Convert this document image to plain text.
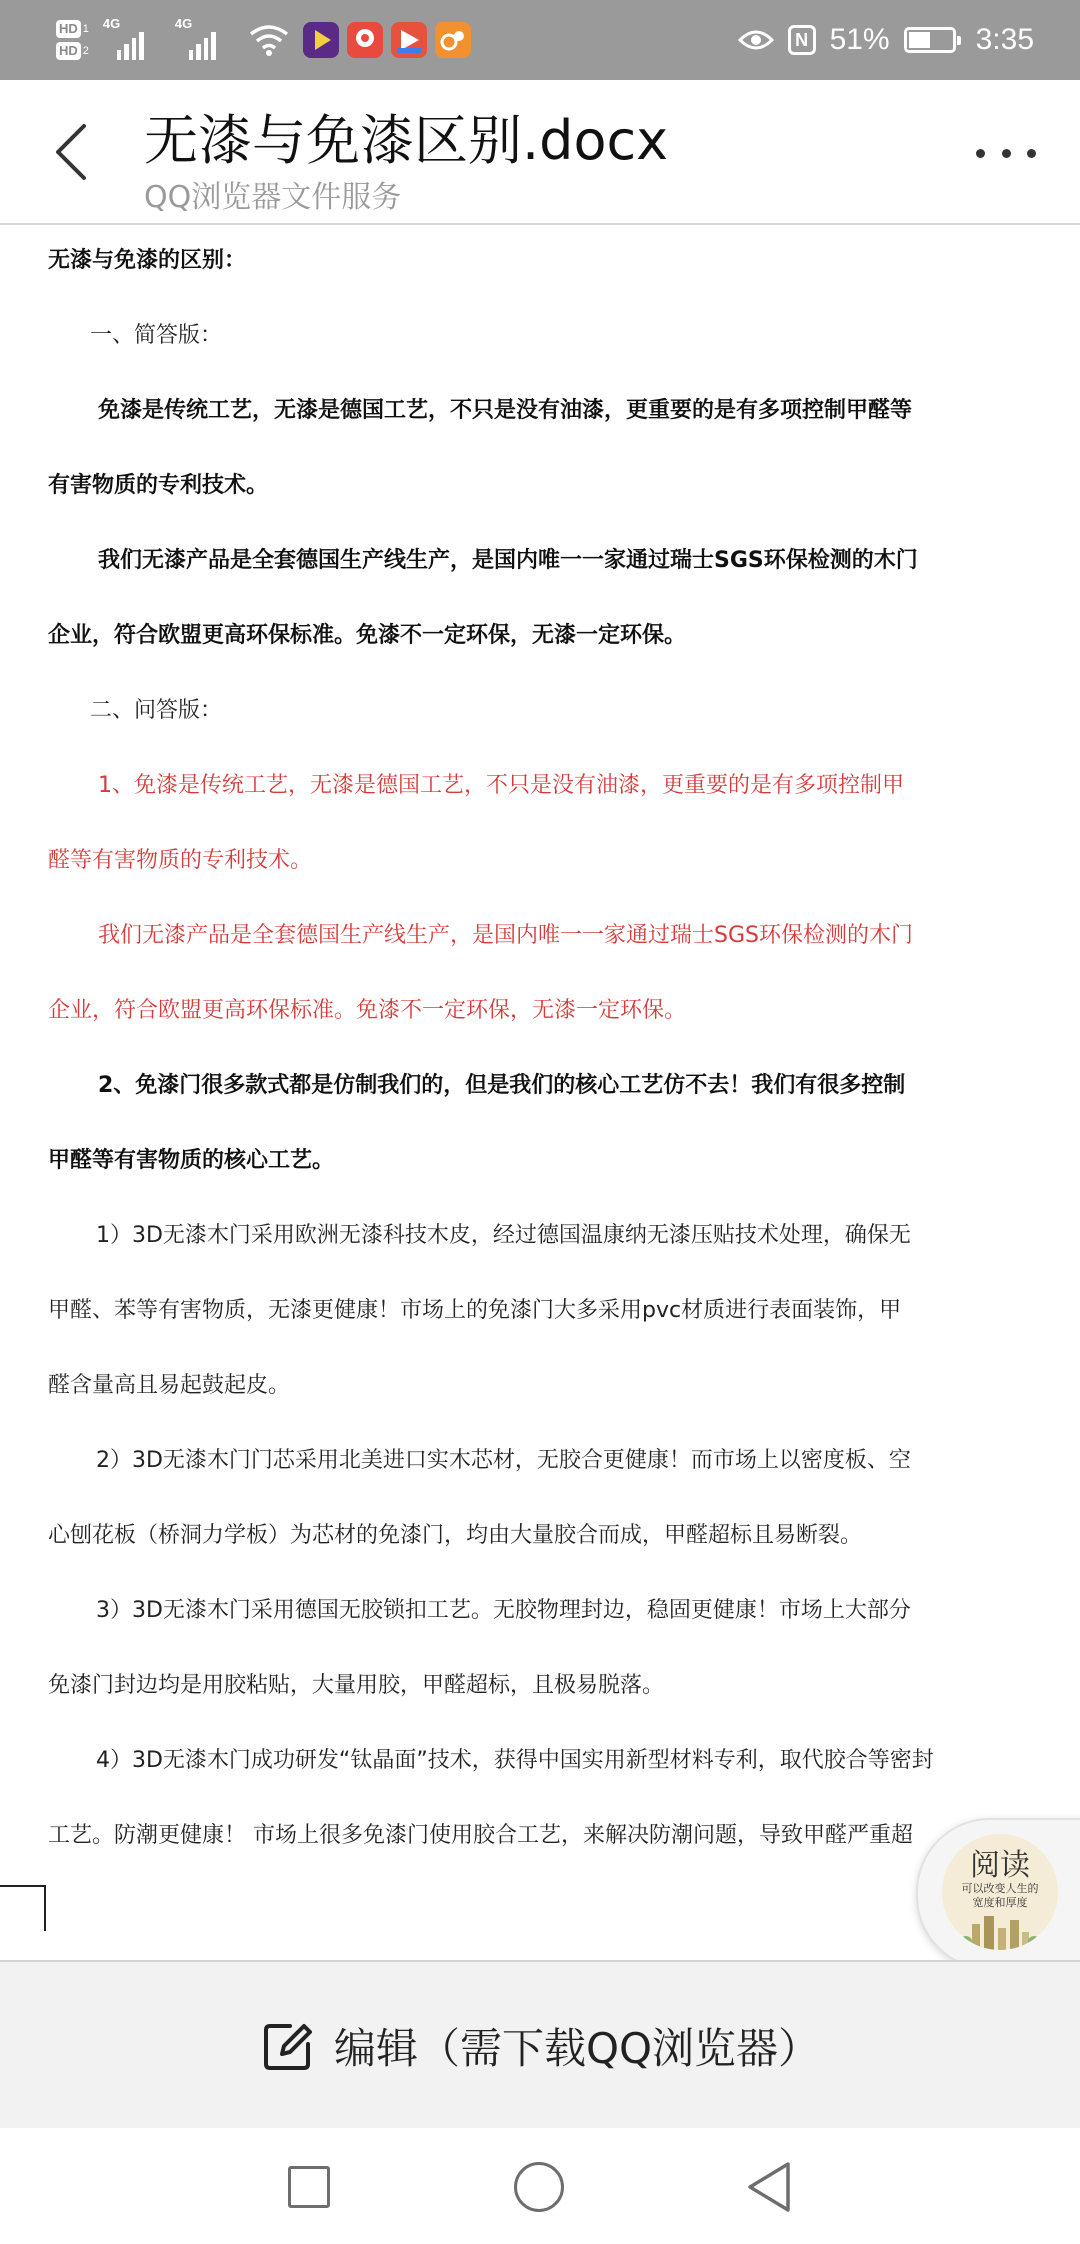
HD 1
HD 2
4G	4G
N 51%	3:35
无漆与免漆区别.docx
QQ浏览器文件服务
无漆与免漆的区别：
一、简答版：
免漆是传统工艺，无漆是德国工艺，不只是没有油漆，更重要的是有多项控制甲醛等
有害物质的专利技术。
我们无漆产品是全套德国生产线生产，是国内唯一一家通过瑞士SGS环保检测的木门
企业，符合欧盟更高环保标准。免漆不一定环保，无漆一定环保。
二、问答版：
1、免漆是传统工艺，无漆是德国工艺，不只是没有油漆，更重要的是有多项控制甲
醛等有害物质的专利技术。
我们无漆产品是全套德国生产线生产，是国内唯一一家通过瑞士SGS环保检测的木门
企业，符合欧盟更高环保标准。免漆不一定环保，无漆一定环保。
2、免漆门很多款式都是仿制我们的，但是我们的核心工艺仿不去！我们有很多控制
甲醛等有害物质的核心工艺。
1）3D无漆木门采用欧洲无漆科技木皮，经过德国温康纳无漆压贴技术处理，确保无
甲醛、苯等有害物质，无漆更健康！市场上的免漆门大多采用pvc材质进行表面装饰，甲
醛含量高且易起鼓起皮。
2）3D无漆木门门芯采用北美进口实木芯材，无胶合更健康！而市场上以密度板、空
心刨花板（桥洞力学板）为芯材的免漆门，均由大量胶合而成，甲醛超标且易断裂。
3）3D无漆木门采用德国无胶锁扣工艺。无胶物理封边，稳固更健康！市场上大部分
免漆门封边均是用胶粘贴，大量用胶，甲醛超标，且极易脱落。
4）3D无漆木门成功研发“钛晶面”技术，获得中国实用新型材料专利，取代胶合等密封
工艺。防潮更健康！ 市场上很多免漆门使用胶合工艺，来解决防潮问题，导致甲醛严重超
阅读
可以改变人生的
宽度和厚度
编辑（需下载QQ浏览器）
